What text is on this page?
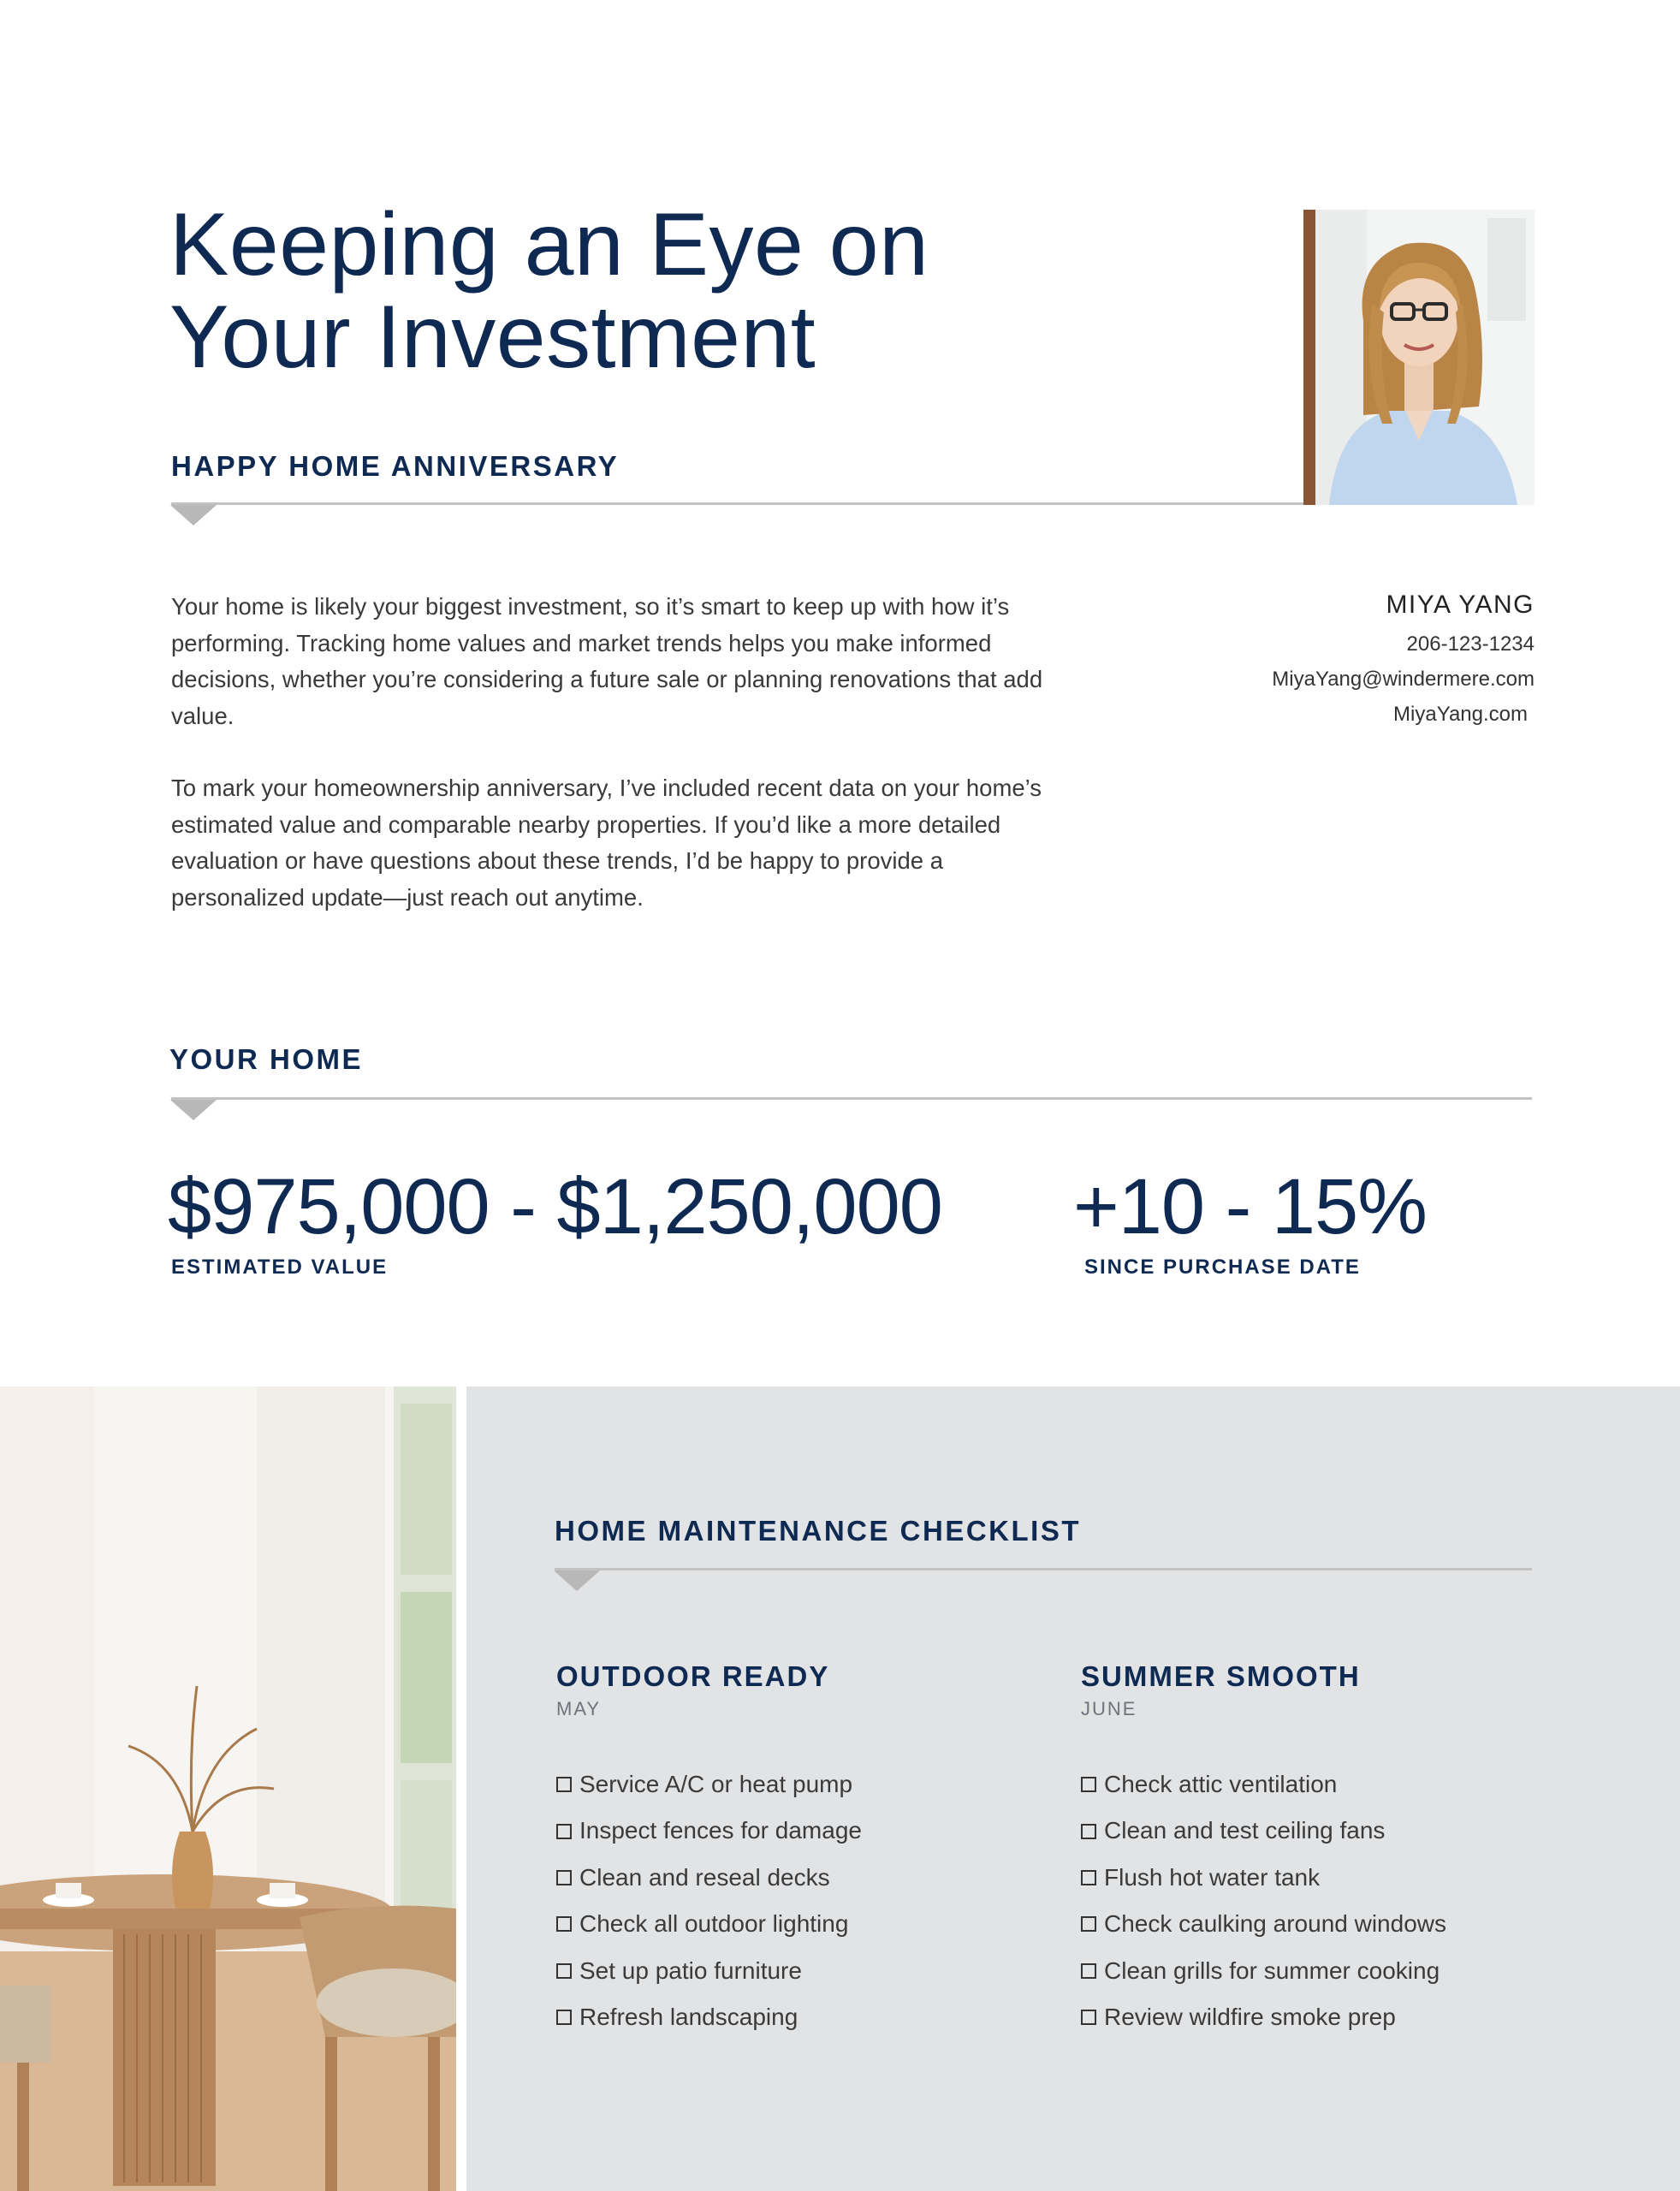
Keeping an Eye on
Your Investment
HAPPY HOME ANNIVERSARY

Your home is likely your biggest investment, so it’s smart to keep up with how it’s performing. Tracking home values and market trends helps you make informed decisions, whether you’re considering a future sale or planning renovations that add value.

To mark your homeownership anniversary, I’ve included recent data on your home’s estimated value and comparable nearby properties. If you’d like a more detailed evaluation or have questions about these trends, I’d be happy to provide a personalized update—just reach out anytime.

MIYA YANG
206-123-1234
MiyaYang@windermere.com
MiyaYang.com
YOUR HOME
$975,000 - $1,250,000
ESTIMATED VALUE
+10 - 15%
SINCE PURCHASE DATE
HOME MAINTENANCE CHECKLIST
OUTDOOR READY
MAY
Service A/C or heat pump
Inspect fences for damage
Clean and reseal decks
Check all outdoor lighting
Set up patio furniture
Refresh landscaping
SUMMER SMOOTH
JUNE
Check attic ventilation
Clean and test ceiling fans
Flush hot water tank
Check caulking around windows
Clean grills for summer cooking
Review wildfire smoke prep
